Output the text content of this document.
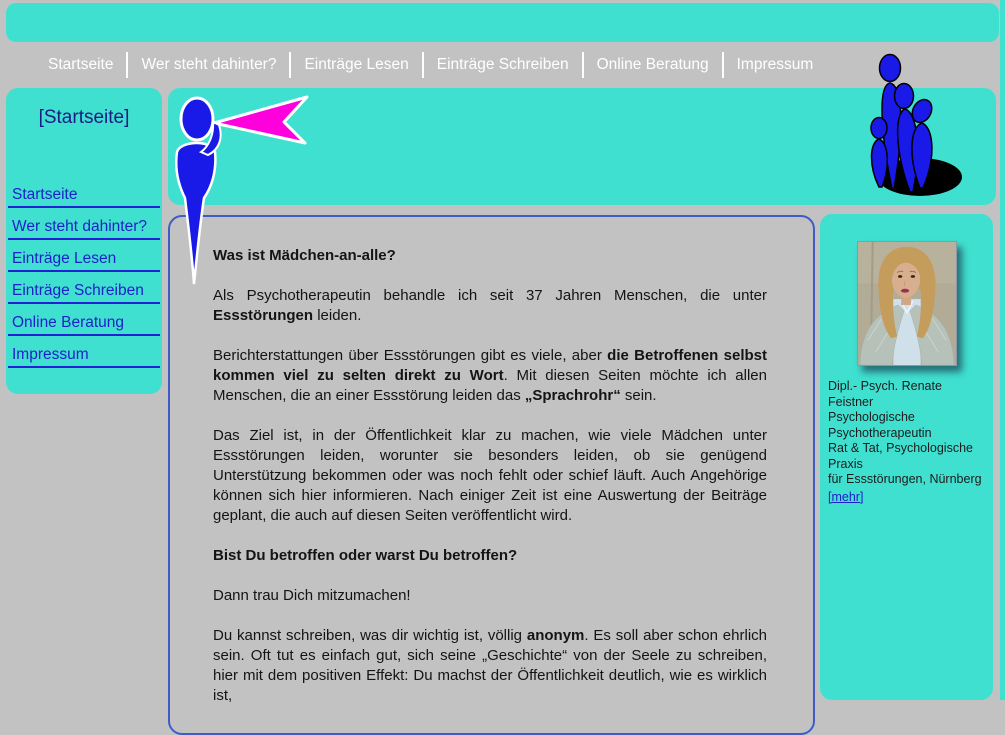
Startseite	Wer steht dahinter?	Einträge Lesen	Einträge Schreiben	Online Beratung	Impressum
[Startseite]
Startseite
Wer steht dahinter?
Einträge Lesen
Einträge Schreiben
Online Beratung
Impressum

Was ist Mädchen-an-alle?

Als Psychotherapeutin behandle ich seit 37 Jahren Menschen, die unter Essstörungen leiden.

Berichterstattungen über Essstörungen gibt es viele, aber die Betroffenen selbst kommen viel zu selten direkt zu Wort. Mit diesen Seiten möchte ich allen Menschen, die an einer Essstörung leiden das „Sprachrohr“ sein.

Das Ziel ist, in der Öffentlichkeit klar zu machen, wie viele Mädchen unter Essstörungen leiden, worunter sie besonders leiden, ob sie genügend Unterstützung bekommen oder was noch fehlt oder schief läuft. Auch Angehörige können sich hier informieren. Nach einiger Zeit ist eine Auswertung der Beiträge geplant, die auch auf diesen Seiten veröffentlicht wird.

Bist Du betroffen oder warst Du betroffen?

Dann trau Dich mitzumachen!

Du kannst schreiben, was dir wichtig ist, völlig anonym. Es soll aber schon ehrlich sein. Oft tut es einfach gut, sich seine „Geschichte“ von der Seele zu schreiben, hier mit dem positiven Effekt: Du machst der Öffentlichkeit deutlich, wie es wirklich ist,

Dipl.- Psych. Renate Feistner
Psychologische Psychotherapeutin
Rat & Tat, Psychologische Praxis
für Essstörungen, Nürnberg
[mehr]
